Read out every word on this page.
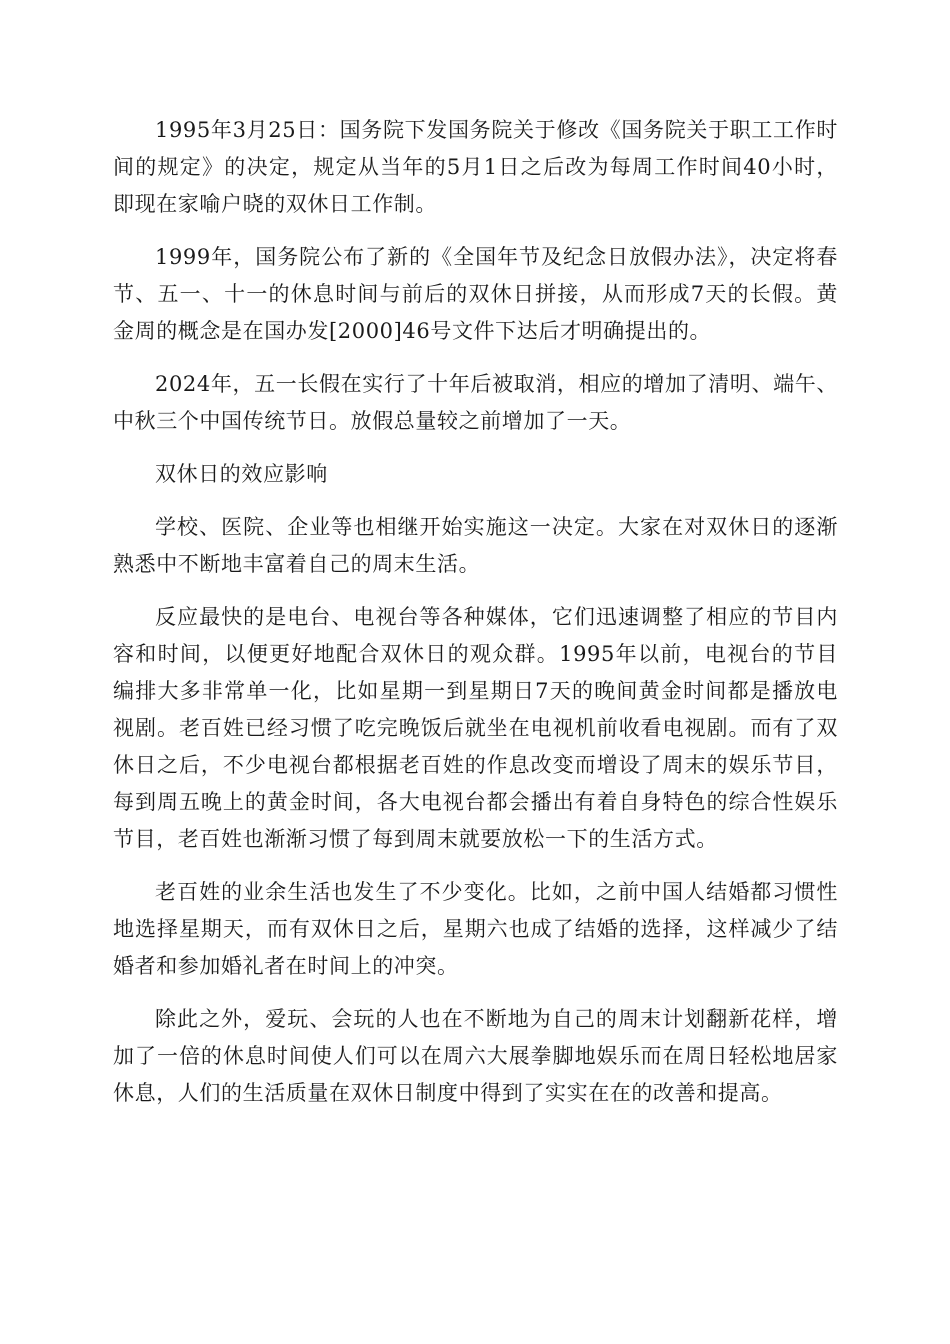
1995年3月25日：国务院下发国务院关于修改《国务院关于职工工作时间的规定》的决定，规定从当年的5月1日之后改为每周工作时间40小时，即现在家喻户晓的双休日工作制。

1999年，国务院公布了新的《全国年节及纪念日放假办法》，决定将春节、五一、十一的休息时间与前后的双休日拼接，从而形成7天的长假。黄金周的概念是在国办发[2000]46号文件下达后才明确提出的。

2024年，五一长假在实行了十年后被取消，相应的增加了清明、端午、中秋三个中国传统节日。放假总量较之前增加了一天。

双休日的效应影响

学校、医院、企业等也相继开始实施这一决定。大家在对双休日的逐渐熟悉中不断地丰富着自己的周末生活。

反应最快的是电台、电视台等各种媒体，它们迅速调整了相应的节目内容和时间，以便更好地配合双休日的观众群。1995年以前，电视台的节目编排大多非常单一化，比如星期一到星期日7天的晚间黄金时间都是播放电视剧。老百姓已经习惯了吃完晚饭后就坐在电视机前收看电视剧。而有了双休日之后，不少电视台都根据老百姓的作息改变而增设了周末的娱乐节目，每到周五晚上的黄金时间，各大电视台都会播出有着自身特色的综合性娱乐节目，老百姓也渐渐习惯了每到周末就要放松一下的生活方式。

老百姓的业余生活也发生了不少变化。比如，之前中国人结婚都习惯性地选择星期天，而有双休日之后，星期六也成了结婚的选择，这样减少了结婚者和参加婚礼者在时间上的冲突。

除此之外，爱玩、会玩的人也在不断地为自己的周末计划翻新花样，增加了一倍的休息时间使人们可以在周六大展拳脚地娱乐而在周日轻松地居家休息，人们的生活质量在双休日制度中得到了实实在在的改善和提高。
